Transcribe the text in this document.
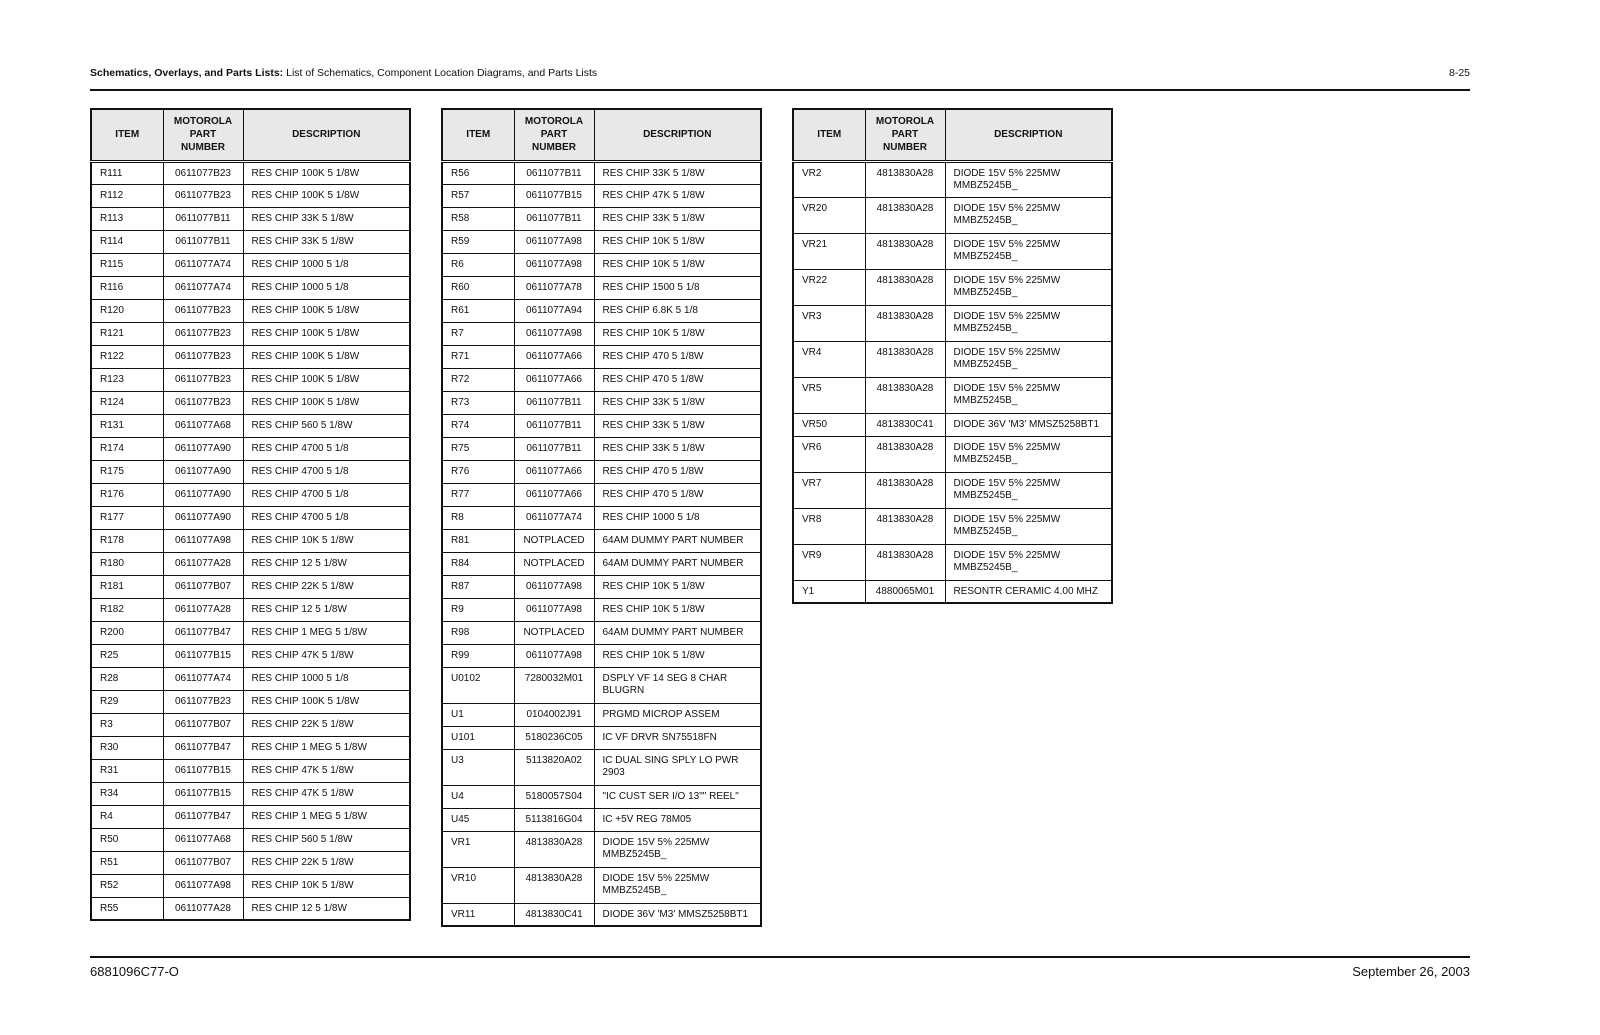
Schematics, Overlays, and Parts Lists: List of Schematics, Component Location Diagrams, and Parts Lists	8-25
ITEM	MOTOROLA
PART
NUMBER	DESCRIPTION
R111	0611077B23	RES CHIP 100K 5 1/8W
R112	0611077B23	RES CHIP 100K 5 1/8W
R113	0611077B11	RES CHIP 33K 5 1/8W
R114	0611077B11	RES CHIP 33K 5 1/8W
R115	0611077A74	RES CHIP 1000 5 1/8
R116	0611077A74	RES CHIP 1000 5 1/8
R120	0611077B23	RES CHIP 100K 5 1/8W
R121	0611077B23	RES CHIP 100K 5 1/8W
R122	0611077B23	RES CHIP 100K 5 1/8W
R123	0611077B23	RES CHIP 100K 5 1/8W
R124	0611077B23	RES CHIP 100K 5 1/8W
R131	0611077A68	RES CHIP 560 5 1/8W
R174	0611077A90	RES CHIP 4700 5 1/8
R175	0611077A90	RES CHIP 4700 5 1/8
R176	0611077A90	RES CHIP 4700 5 1/8
R177	0611077A90	RES CHIP 4700 5 1/8
R178	0611077A98	RES CHIP 10K 5 1/8W
R180	0611077A28	RES CHIP 12 5 1/8W
R181	0611077B07	RES CHIP 22K 5 1/8W
R182	0611077A28	RES CHIP 12 5 1/8W
R200	0611077B47	RES CHIP 1 MEG 5 1/8W
R25	0611077B15	RES CHIP 47K 5 1/8W
R28	0611077A74	RES CHIP 1000 5 1/8
R29	0611077B23	RES CHIP 100K 5 1/8W
R3	0611077B07	RES CHIP 22K 5 1/8W
R30	0611077B47	RES CHIP 1 MEG 5 1/8W
R31	0611077B15	RES CHIP 47K 5 1/8W
R34	0611077B15	RES CHIP 47K 5 1/8W
R4	0611077B47	RES CHIP 1 MEG 5 1/8W
R50	0611077A68	RES CHIP 560 5 1/8W
R51	0611077B07	RES CHIP 22K 5 1/8W
R52	0611077A98	RES CHIP 10K 5 1/8W
R55	0611077A28	RES CHIP 12 5 1/8W
ITEM	MOTOROLA
PART
NUMBER	DESCRIPTION
R56	0611077B11	RES CHIP 33K 5 1/8W
R57	0611077B15	RES CHIP 47K 5 1/8W
R58	0611077B11	RES CHIP 33K 5 1/8W
R59	0611077A98	RES CHIP 10K 5 1/8W
R6	0611077A98	RES CHIP 10K 5 1/8W
R60	0611077A78	RES CHIP 1500 5 1/8
R61	0611077A94	RES CHIP 6.8K 5 1/8
R7	0611077A98	RES CHIP 10K 5 1/8W
R71	0611077A66	RES CHIP 470 5 1/8W
R72	0611077A66	RES CHIP 470 5 1/8W
R73	0611077B11	RES CHIP 33K 5 1/8W
R74	0611077B11	RES CHIP 33K 5 1/8W
R75	0611077B11	RES CHIP 33K 5 1/8W
R76	0611077A66	RES CHIP 470 5 1/8W
R77	0611077A66	RES CHIP 470 5 1/8W
R8	0611077A74	RES CHIP 1000 5 1/8
R81	NOTPLACED	64AM DUMMY PART NUMBER
R84	NOTPLACED	64AM DUMMY PART NUMBER
R87	0611077A98	RES CHIP 10K 5 1/8W
R9	0611077A98	RES CHIP 10K 5 1/8W
R98	NOTPLACED	64AM DUMMY PART NUMBER
R99	0611077A98	RES CHIP 10K 5 1/8W
U0102	7280032M01	DSPLY VF 14 SEG 8 CHAR
BLUGRN
U1	0104002J91	PRGMD MICROP ASSEM
U101	5180236C05	IC VF DRVR SN75518FN
U3	5113820A02	IC DUAL SING SPLY LO PWR
2903
U4	5180057S04	"IC CUST SER I/O 13"" REEL"
U45	5113816G04	IC +5V REG 78M05
VR1	4813830A28	DIODE 15V 5% 225MW
MMBZ5245B_
VR10	4813830A28	DIODE 15V 5% 225MW
MMBZ5245B_
VR11	4813830C41	DIODE 36V 'M3' MMSZ5258BT1
ITEM	MOTOROLA
PART
NUMBER	DESCRIPTION
VR2	4813830A28	DIODE 15V 5% 225MW
MMBZ5245B_
VR20	4813830A28	DIODE 15V 5% 225MW
MMBZ5245B_
VR21	4813830A28	DIODE 15V 5% 225MW
MMBZ5245B_
VR22	4813830A28	DIODE 15V 5% 225MW
MMBZ5245B_
VR3	4813830A28	DIODE 15V 5% 225MW
MMBZ5245B_
VR4	4813830A28	DIODE 15V 5% 225MW
MMBZ5245B_
VR5	4813830A28	DIODE 15V 5% 225MW
MMBZ5245B_
VR50	4813830C41	DIODE 36V 'M3' MMSZ5258BT1
VR6	4813830A28	DIODE 15V 5% 225MW
MMBZ5245B_
VR7	4813830A28	DIODE 15V 5% 225MW
MMBZ5245B_
VR8	4813830A28	DIODE 15V 5% 225MW
MMBZ5245B_
VR9	4813830A28	DIODE 15V 5% 225MW
MMBZ5245B_
Y1	4880065M01	RESONTR CERAMIC 4.00 MHZ
6881096C77-O	September 26, 2003
